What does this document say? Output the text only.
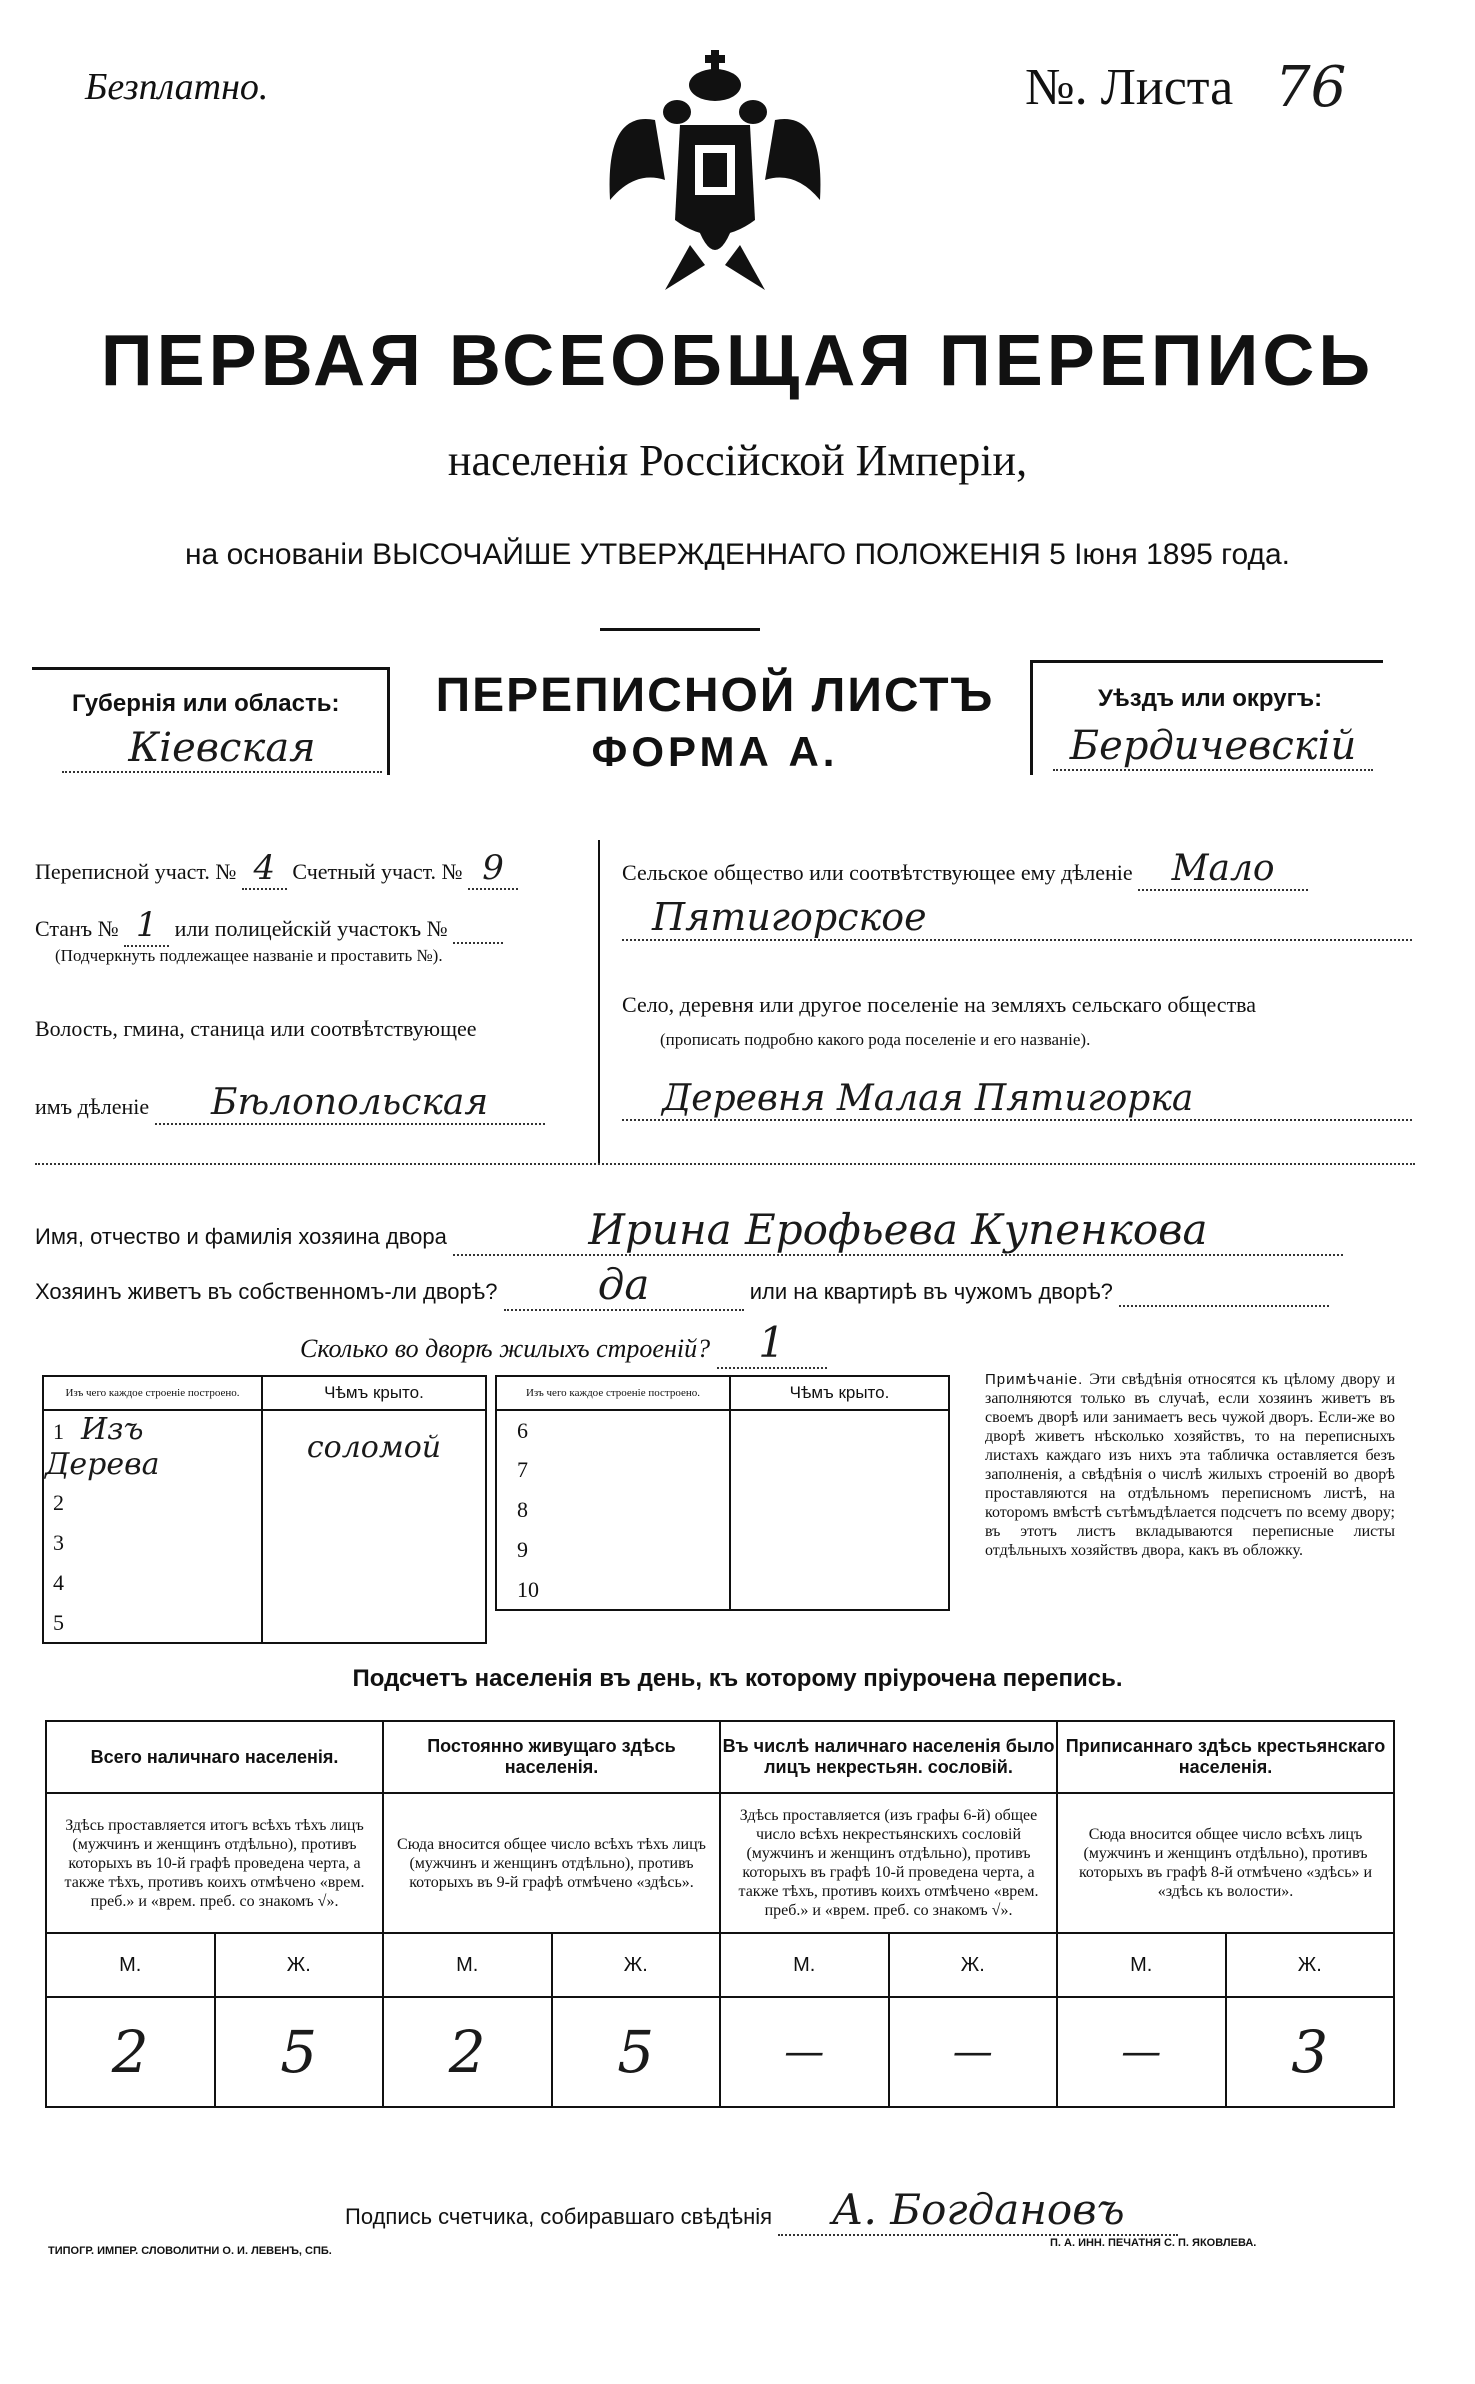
Безплатно.	№. Листа 76
ПЕРВАЯ ВСЕОБЩАЯ ПЕРЕПИСЬ
населенія Россійской Имперіи,
на основаніи ВЫСОЧАЙШЕ УТВЕРЖДЕННАГО ПОЛОЖЕНІЯ 5 Іюня 1895 года.
Губернія или область:
Кіевская
ПЕРЕПИСНОЙ ЛИСТЪ
ФОРМА А.
Уѣздъ или округъ:
Бердичевскій
Переписной участ. № 4 Счетный участ. № 9
Станъ № 1 или полицейскій участокъ №
(Подчеркнуть подлежащее названіе и проставить №).
Волость, гмина, станица или соотвѣтствующее
имъ дѣленіе Бѣлопольская
Сельское общество или соотвѣтствующее ему дѣленіе Мало
Пятигорское
Село, деревня или другое поселеніе на земляхъ сельскаго общества
(прописать подробно какого рода поселеніе и его названіе).
Деревня Малая Пятигорка
Имя, отчество и фамилія хозяина двора	Ирина Ерофьева Купенкова
Хозяинъ живетъ въ собственномъ-ли дворѣ? да	или на квартирѣ въ чужомъ дворѣ?
Сколько во дворѣ жилыхъ строеній? 1
Изъ чего каждое строеніе построено.	Чѣмъ крыто.
1 Изъ Дерева	соломой
2	
3	
4	
5	
Изъ чего каждое строеніе построено.	Чѣмъ крыто.
6	
7	
8	
9	
10	
Примѣчаніе. Эти свѣдѣнія относятся къ цѣлому двору и заполняются только въ случаѣ, если хозяинъ живетъ въ своемъ дворѣ или занимаетъ весь чужой дворъ. Если-же во дворѣ живетъ нѣсколько хозяйствъ, то на переписныхъ листахъ каждаго изъ нихъ эта табличка оставляется безъ заполненія, а свѣдѣнія о числѣ жилыхъ строеній во дворѣ проставляются на отдѣльномъ переписномъ листѣ, на которомъ вмѣстѣ сътѣмъдѣлается подсчетъ по всему двору; въ этотъ листъ вкладываются переписные листы отдѣльныхъ хозяйствъ двора, какъ въ обложку.
Подсчетъ населенія въ день, къ которому пріурочена перепись.
Всего наличнаго населенія.		Постоянно живущаго здѣсь населенія.		Въ числѣ наличнаго населенія было лицъ некрестьян. сословій.		Приписаннаго здѣсь крестьянскаго населенія.	
Здѣсь проставляется итогъ всѣхъ тѣхъ лицъ (мужчинъ и женщинъ отдѣльно), противъ которыхъ въ 10-й графѣ проведена черта, а также тѣхъ, противъ коихъ отмѣчено «врем. преб.» и «врем. преб. со знакомъ √».		Сюда вносится общее число всѣхъ тѣхъ лицъ (мужчинъ и женщинъ отдѣльно), противъ которыхъ въ 9-й графѣ отмѣчено «здѣсь».		Здѣсь проставляется (изъ графы 6-й) общее число всѣхъ некрестьянскихъ сословій (мужчинъ и женщинъ отдѣльно), противъ которыхъ въ графѣ 10-й проведена черта, а также тѣхъ, противъ коихъ отмѣчено «врем. преб.» и «врем. преб. со знакомъ √».		Сюда вносится общее число всѣхъ лицъ (мужчинъ и женщинъ отдѣльно), противъ которыхъ въ графѣ 8-й отмѣчено «здѣсь» и «здѣсь къ волости».	
М.	Ж.	М.	Ж.	М.	Ж.	М.	Ж.
2	5	2	5	—	—	—	3
Подпись счетчика, собиравшаго свѣдѣнія А. Богдановъ
ТИПОГР. ИМПЕР. СЛОВОЛИТНИ О. И. ЛЕВЕНЪ, СПБ.
П. А. ИНН. ПЕЧАТНЯ С. П. ЯКОВЛЕВА.
